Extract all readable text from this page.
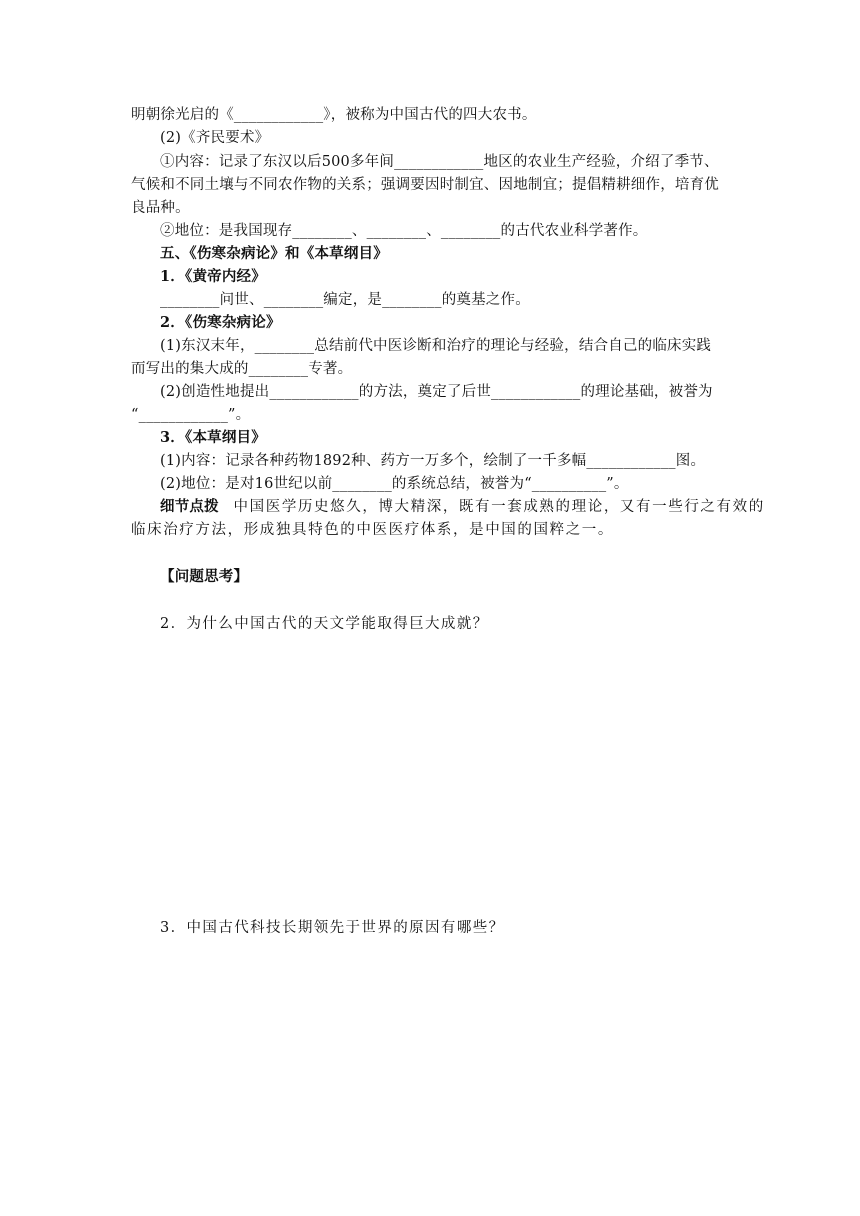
明朝徐光启的《____________》，被称为中国古代的四大农书。
(2)《齐民要术》
①内容：记录了东汉以后500多年间____________地区的农业生产经验，介绍了季节、
气候和不同土壤与不同农作物的关系；强调要因时制宜、因地制宜；提倡精耕细作，培育优
良品种。
②地位：是我国现存________、________、________的古代农业科学著作。
五、《伤寒杂病论》和《本草纲目》
1．《黄帝内经》
________问世、________编定，是________的奠基之作。
2．《伤寒杂病论》
(1)东汉末年，________总结前代中医诊断和治疗的理论与经验，结合自己的临床实践
而写出的集大成的________专著。
(2)创造性地提出____________的方法，奠定了后世____________的理论基础，被誉为
“____________”。
3．《本草纲目》
(1)内容：记录各种药物1892种、药方一万多个，绘制了一千多幅____________图。
(2)地位：是对16世纪以前________的系统总结，被誉为“__________”。
细节点拨　 中国医学历史悠久，博大精深，既有一套成熟的理论，又有一些行之有效的
临床治疗方法，形成独具特色的中医医疗体系，是中国的国粹之一。
【问题思考】
2．为什么中国古代的天文学能取得巨大成就？
3．中国古代科技长期领先于世界的原因有哪些？
